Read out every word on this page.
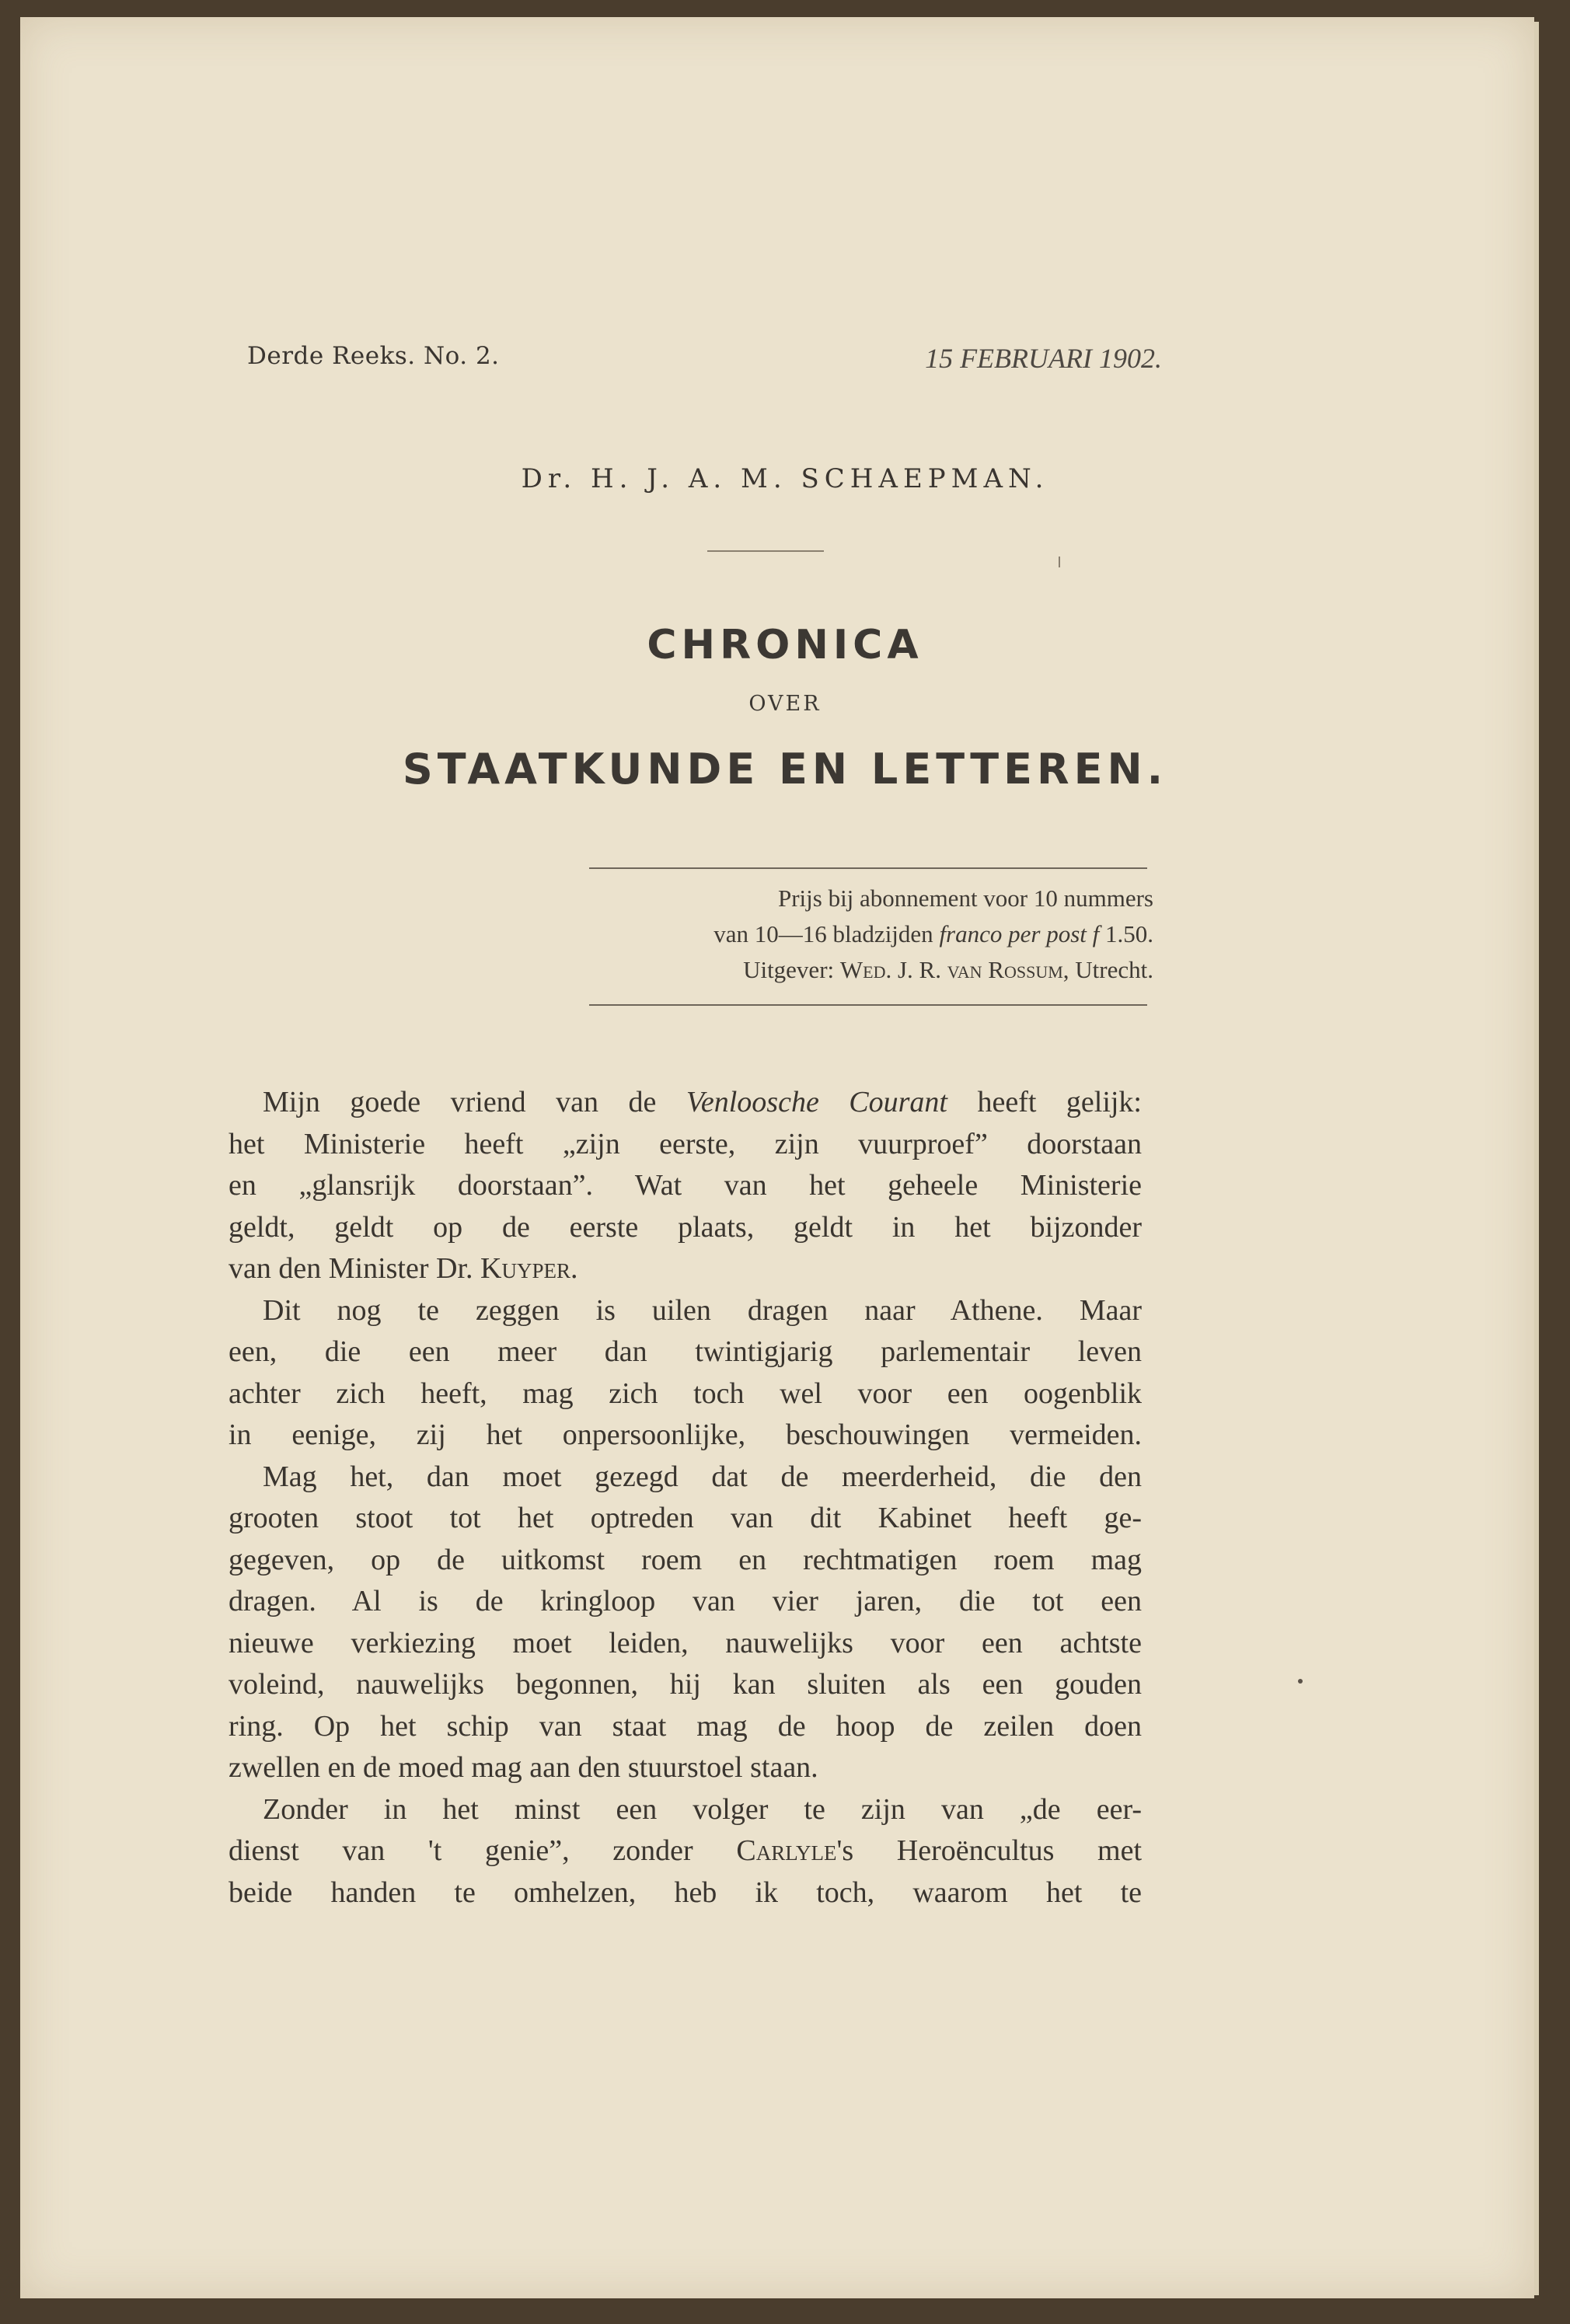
Derde Reeks. No. 2.	15 FEBRUARI 1902.
Dr. H. J. A. M. SCHAEPMAN.
CHRONICA
OVER
STAATKUNDE EN LETTEREN.
Prijs bij abonnement voor 10 nummers
van 10—16 bladzijden franco per post f 1.50.
Uitgever: Wed. J. R. van Rossum, Utrecht.
Mijn goede vriend van de Venloosche Courant heeft gelijk:
het Ministerie heeft „zijn eerste, zijn vuurproef” doorstaan
en „glansrijk doorstaan”. Wat van het geheele Ministerie
geldt, geldt op de eerste plaats, geldt in het bijzonder
van den Minister Dr. Kuyper.
Dit nog te zeggen is uilen dragen naar Athene. Maar
een, die een meer dan twintigjarig parlementair leven
achter zich heeft, mag zich toch wel voor een oogenblik
in eenige, zij het onpersoonlijke, beschouwingen vermeiden.
Mag het, dan moet gezegd dat de meerderheid, die den
grooten stoot tot het optreden van dit Kabinet heeft ge-
gegeven, op de uitkomst roem en rechtmatigen roem mag
dragen. Al is de kringloop van vier jaren, die tot een
nieuwe verkiezing moet leiden, nauwelijks voor een achtste
voleind, nauwelijks begonnen, hij kan sluiten als een gouden
ring. Op het schip van staat mag de hoop de zeilen doen
zwellen en de moed mag aan den stuurstoel staan.
Zonder in het minst een volger te zijn van „de eer-
dienst van 't genie”, zonder Carlyle's Heroëncultus met
beide handen te omhelzen, heb ik toch, waarom het te
